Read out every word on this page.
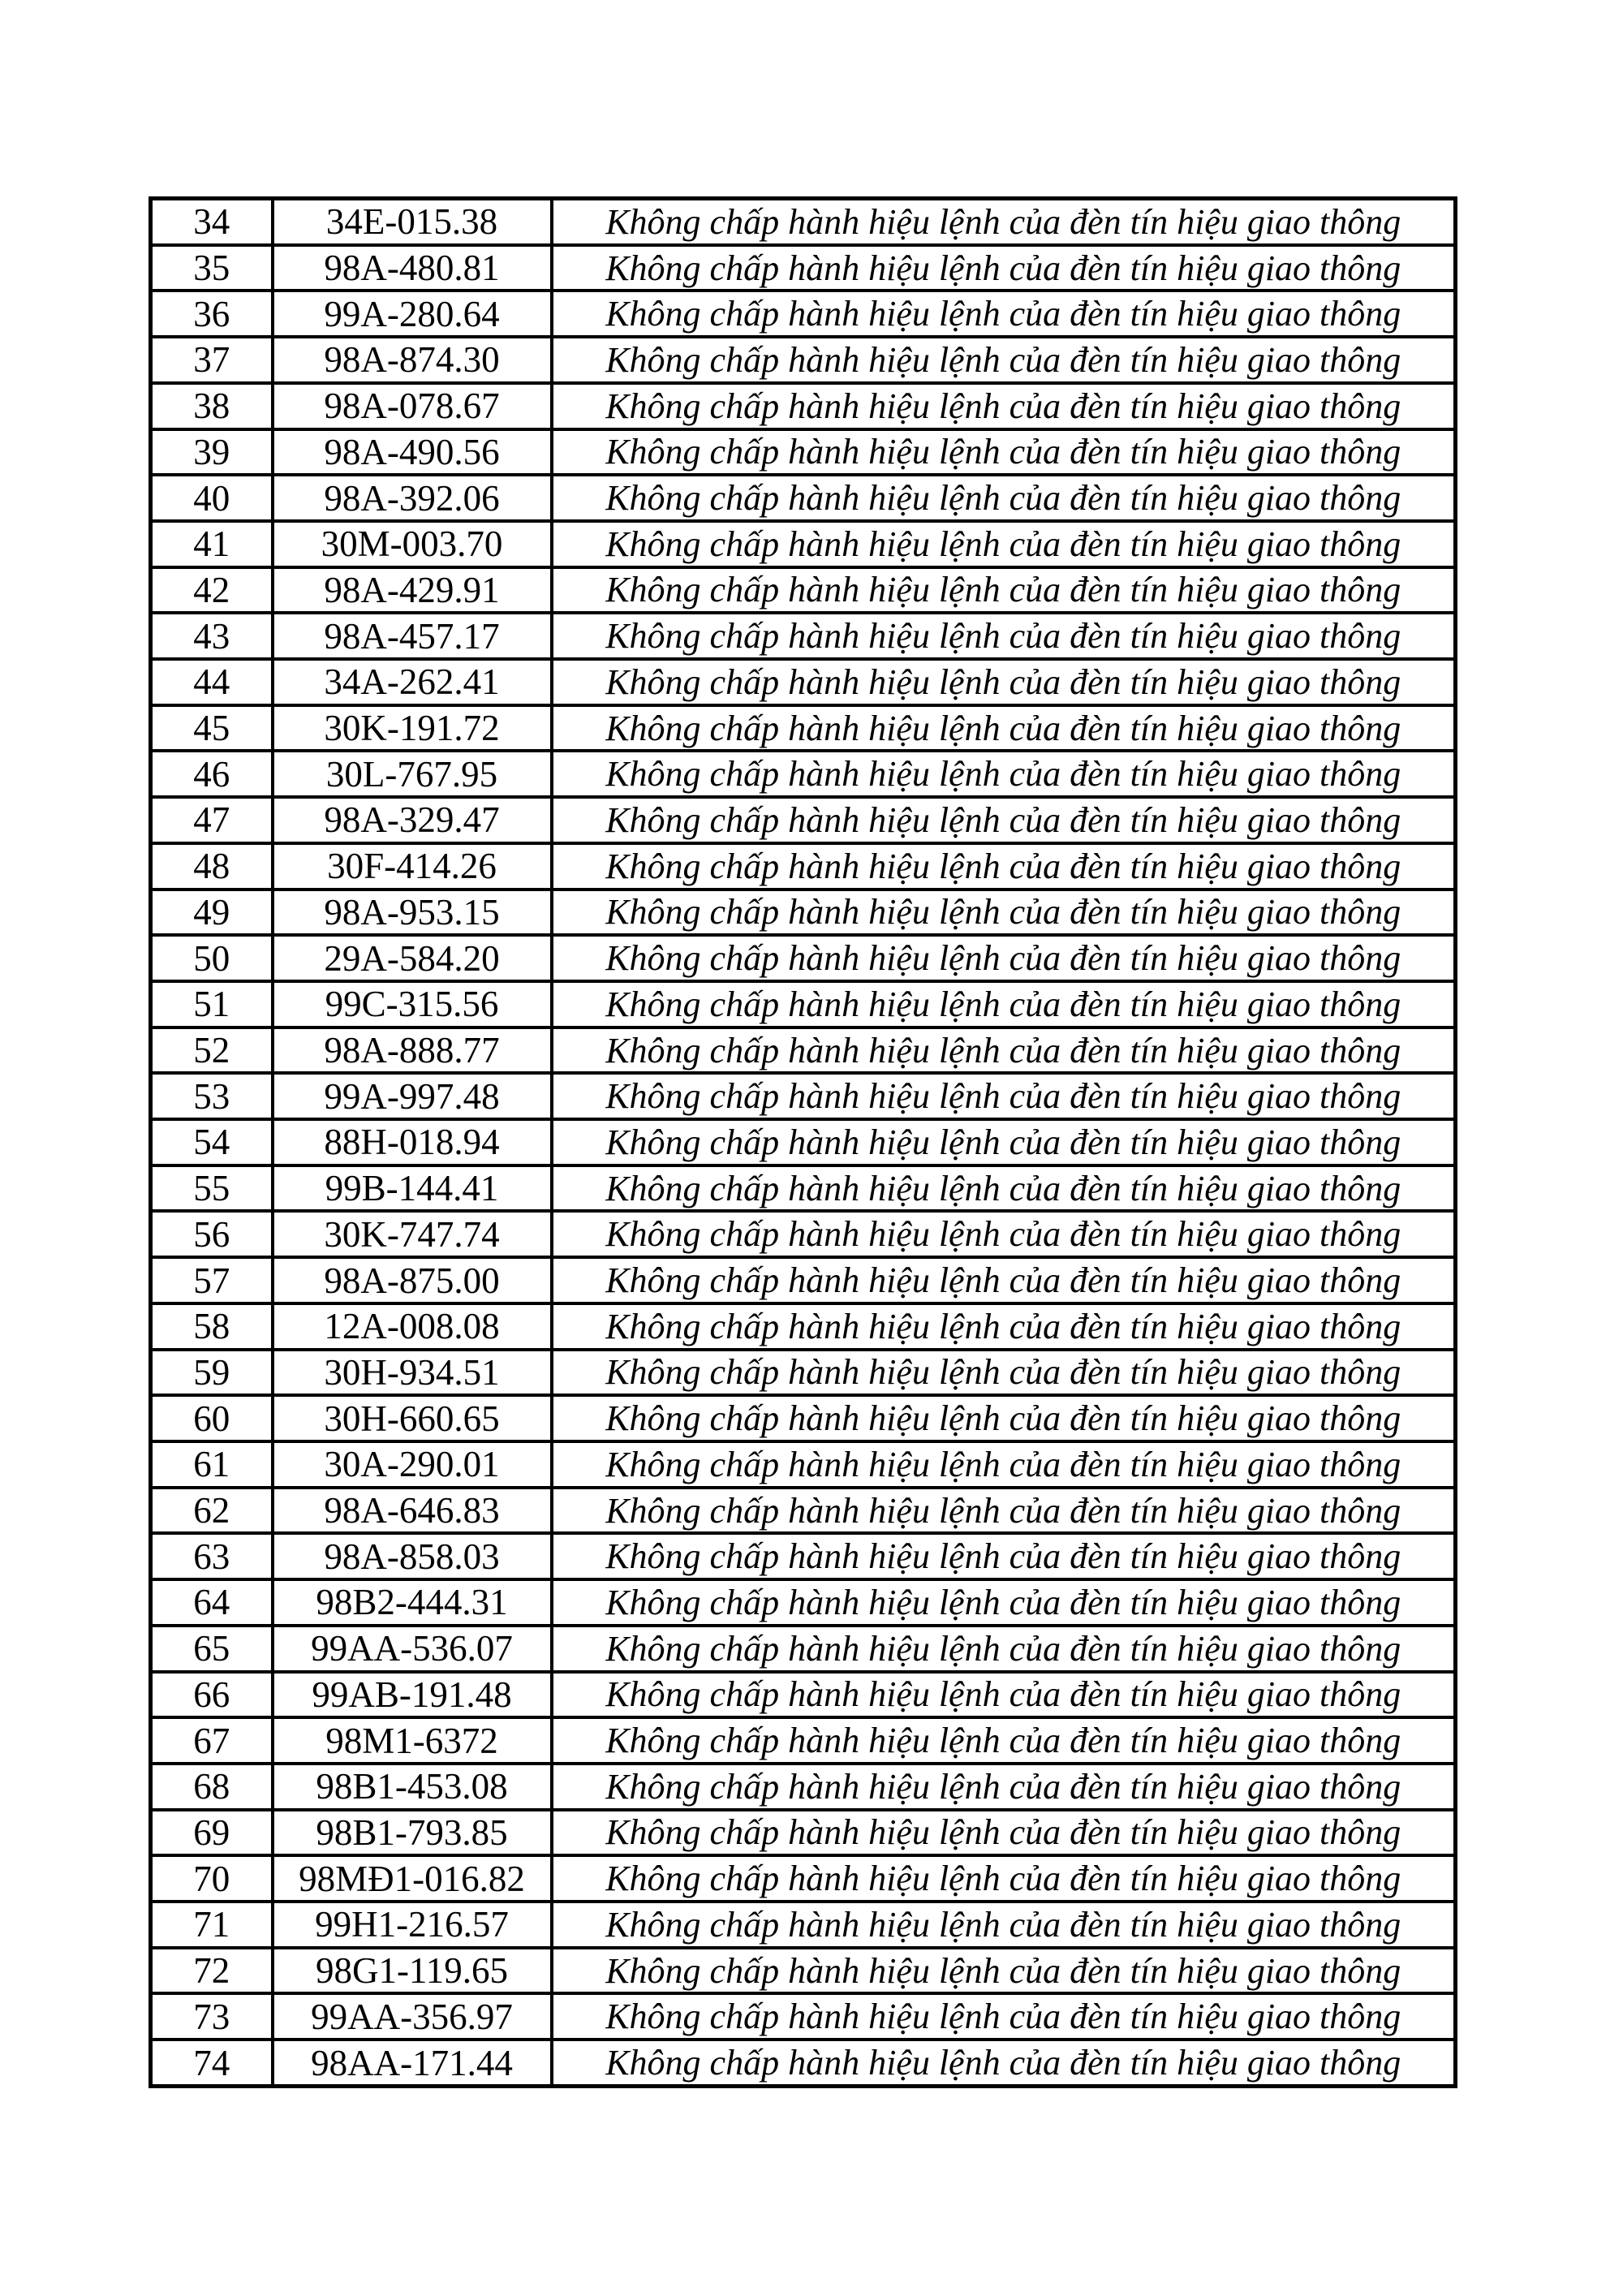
34	34E-015.38	Không chấp hành hiệu lệnh của đèn tín hiệu giao thông
35	98A-480.81	Không chấp hành hiệu lệnh của đèn tín hiệu giao thông
36	99A-280.64	Không chấp hành hiệu lệnh của đèn tín hiệu giao thông
37	98A-874.30	Không chấp hành hiệu lệnh của đèn tín hiệu giao thông
38	98A-078.67	Không chấp hành hiệu lệnh của đèn tín hiệu giao thông
39	98A-490.56	Không chấp hành hiệu lệnh của đèn tín hiệu giao thông
40	98A-392.06	Không chấp hành hiệu lệnh của đèn tín hiệu giao thông
41	30M-003.70	Không chấp hành hiệu lệnh của đèn tín hiệu giao thông
42	98A-429.91	Không chấp hành hiệu lệnh của đèn tín hiệu giao thông
43	98A-457.17	Không chấp hành hiệu lệnh của đèn tín hiệu giao thông
44	34A-262.41	Không chấp hành hiệu lệnh của đèn tín hiệu giao thông
45	30K-191.72	Không chấp hành hiệu lệnh của đèn tín hiệu giao thông
46	30L-767.95	Không chấp hành hiệu lệnh của đèn tín hiệu giao thông
47	98A-329.47	Không chấp hành hiệu lệnh của đèn tín hiệu giao thông
48	30F-414.26	Không chấp hành hiệu lệnh của đèn tín hiệu giao thông
49	98A-953.15	Không chấp hành hiệu lệnh của đèn tín hiệu giao thông
50	29A-584.20	Không chấp hành hiệu lệnh của đèn tín hiệu giao thông
51	99C-315.56	Không chấp hành hiệu lệnh của đèn tín hiệu giao thông
52	98A-888.77	Không chấp hành hiệu lệnh của đèn tín hiệu giao thông
53	99A-997.48	Không chấp hành hiệu lệnh của đèn tín hiệu giao thông
54	88H-018.94	Không chấp hành hiệu lệnh của đèn tín hiệu giao thông
55	99B-144.41	Không chấp hành hiệu lệnh của đèn tín hiệu giao thông
56	30K-747.74	Không chấp hành hiệu lệnh của đèn tín hiệu giao thông
57	98A-875.00	Không chấp hành hiệu lệnh của đèn tín hiệu giao thông
58	12A-008.08	Không chấp hành hiệu lệnh của đèn tín hiệu giao thông
59	30H-934.51	Không chấp hành hiệu lệnh của đèn tín hiệu giao thông
60	30H-660.65	Không chấp hành hiệu lệnh của đèn tín hiệu giao thông
61	30A-290.01	Không chấp hành hiệu lệnh của đèn tín hiệu giao thông
62	98A-646.83	Không chấp hành hiệu lệnh của đèn tín hiệu giao thông
63	98A-858.03	Không chấp hành hiệu lệnh của đèn tín hiệu giao thông
64	98B2-444.31	Không chấp hành hiệu lệnh của đèn tín hiệu giao thông
65	99AA-536.07	Không chấp hành hiệu lệnh của đèn tín hiệu giao thông
66	99AB-191.48	Không chấp hành hiệu lệnh của đèn tín hiệu giao thông
67	98M1-6372	Không chấp hành hiệu lệnh của đèn tín hiệu giao thông
68	98B1-453.08	Không chấp hành hiệu lệnh của đèn tín hiệu giao thông
69	98B1-793.85	Không chấp hành hiệu lệnh của đèn tín hiệu giao thông
70	98MĐ1-016.82	Không chấp hành hiệu lệnh của đèn tín hiệu giao thông
71	99H1-216.57	Không chấp hành hiệu lệnh của đèn tín hiệu giao thông
72	98G1-119.65	Không chấp hành hiệu lệnh của đèn tín hiệu giao thông
73	99AA-356.97	Không chấp hành hiệu lệnh của đèn tín hiệu giao thông
74	98AA-171.44	Không chấp hành hiệu lệnh của đèn tín hiệu giao thông
